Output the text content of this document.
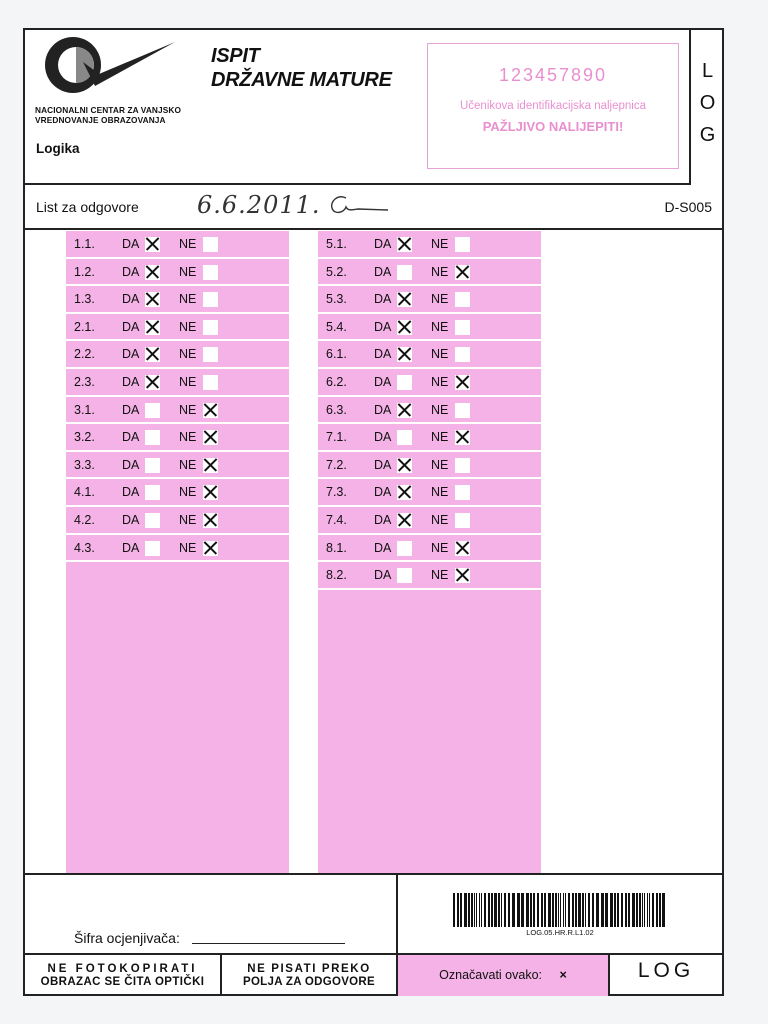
NACIONALNI CENTAR ZA VANJSKO
VREDNOVANJE OBRAZOVANJA
Logika
ISPIT
DRŽAVNE MATURE	123457890
Učenikova identifikacijska naljepnica
PAŽLJIVO NALIJEPITI!
L
O
G
List za odgovore 6.6.2011.	D-S005
1.1. DA	NE
1.2. DA	NE
1.3. DA	NE
2.1. DA	NE
2.2. DA	NE
2.3. DA	NE
3.1. DA	NE
3.2. DA	NE
3.3. DA	NE
4.1. DA	NE
4.2. DA	NE
4.3. DA	NE
5.1. DA	NE
5.2. DA	NE
5.3. DA	NE
5.4. DA	NE
6.1. DA	NE
6.2. DA	NE
6.3. DA	NE
7.1. DA	NE
7.2. DA	NE
7.3. DA	NE
7.4. DA	NE
8.1. DA	NE
8.2. DA	NE
Šifra ocjenjivača:	LOG.05.HR.R.L1.02
NE FOTOKOPIRATI
OBRAZAC SE ČITA OPTIČKI
NE PISATI PREKO
POLJA ZA ODGOVORE	Označavati ovako: ×	LOG
